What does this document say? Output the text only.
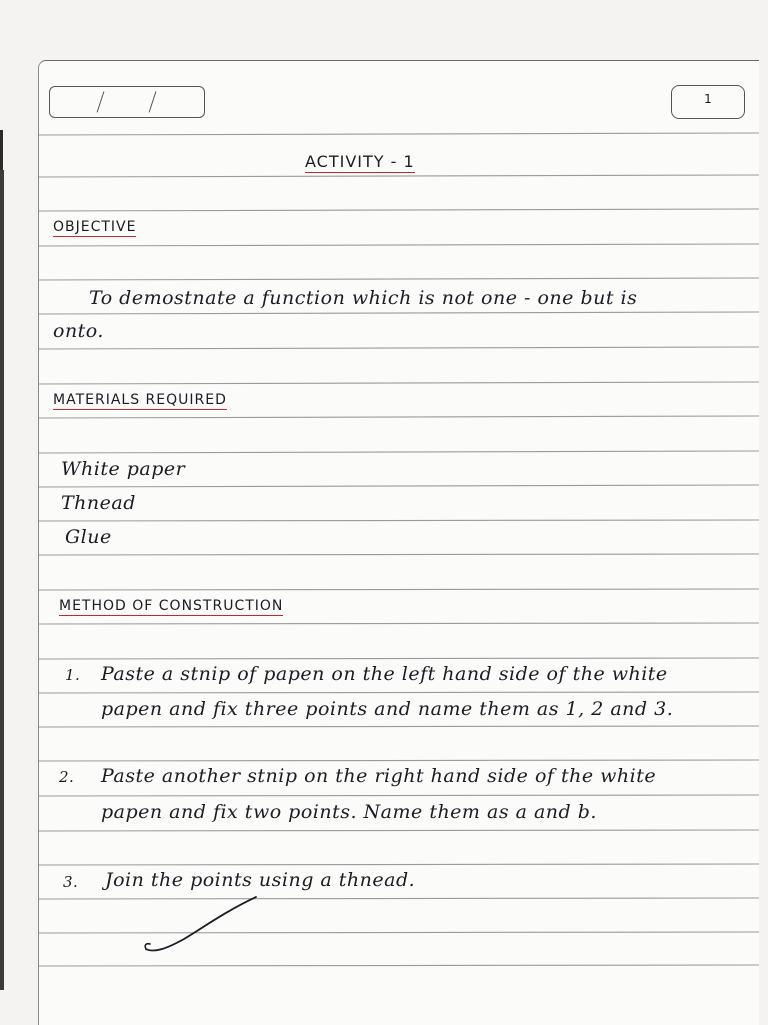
1
ACTIVITY - 1
OBJECTIVE
To demostnate a function which is not one - one but is
onto.
MATERIALS REQUIRED
White paper
Thnead
Glue
METHOD OF CONSTRUCTION
1. Paste a stnip of papen on the left hand side of the white
papen and fix three points and name them as 1, 2 and 3.
2. Paste another stnip on the right hand side of the white
papen and fix two points. Name them as a and b.
3. Join the points using a thnead.
